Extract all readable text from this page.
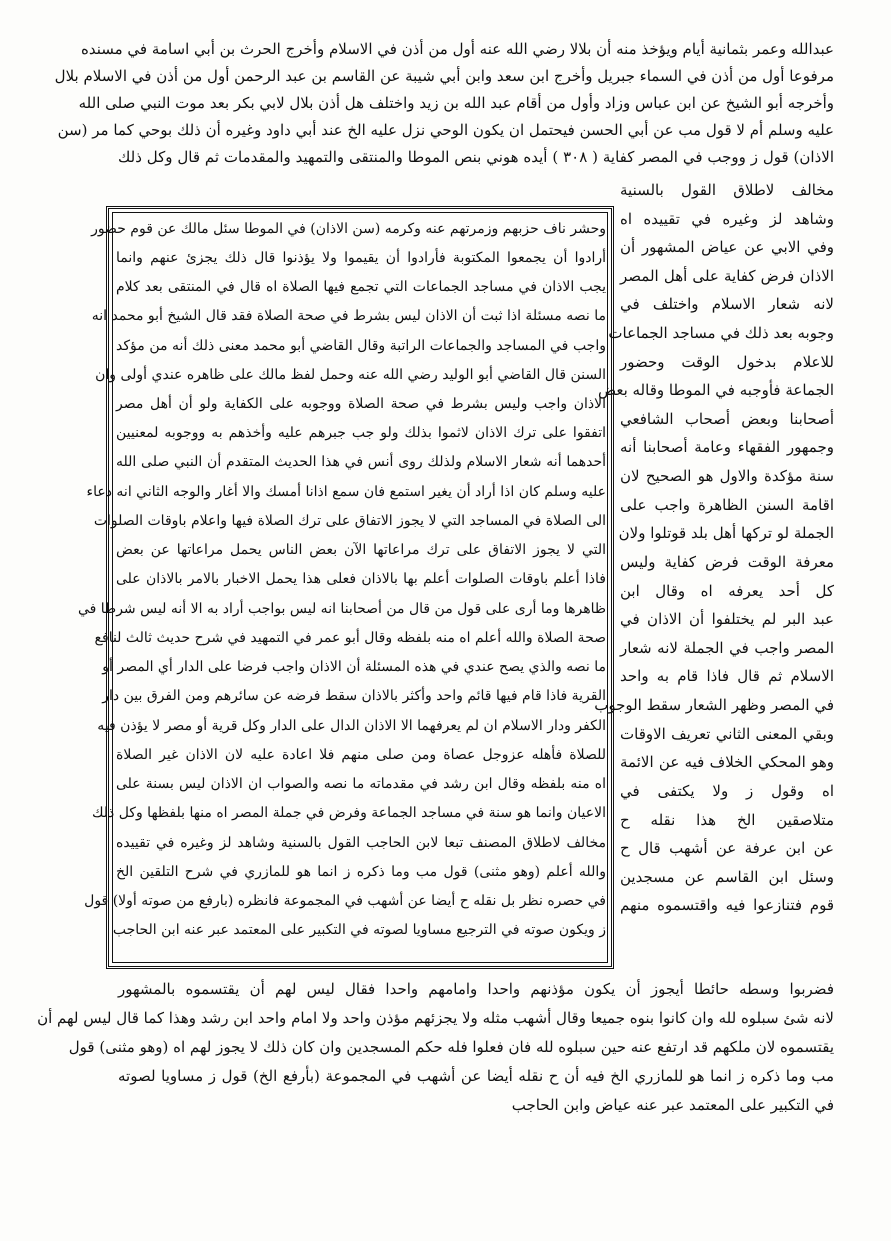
عبدالله وعمر بثمانية أيام ويؤخذ منه أن بلالا رضي الله عنه أول من أذن في الاسلام وأخرج الحرث بن أبي اسامة في مسنده
مرفوعا أول من أذن في السماء جبريل وأخرج ابن سعد وابن أبي شيبة عن القاسم بن عبد الرحمن أول من أذن في الاسلام بلال
وأخرجه أبو الشيخ عن ابن عباس وزاد وأول من أقام عبد الله بن زيد واختلف هل أذن بلال لابي بكر بعد موت النبي صلى الله
عليه وسلم أم لا قول مب عن أبي الحسن فيحتمل ان يكون الوحي نزل عليه الخ عند أبي داود وغيره أن ذلك بوحي كما مر (سن
الاذان) قول ز ووجب في المصر كفاية ( ٣٠٨ ) أيده هوني بنص الموطا والمنتقى والتمهيد والمقدمات ثم قال وكل ذلك
مخالف لاطلاق القول بالسنية
وشاهد لز وغيره في تقييده اه
وفي الابي عن عياض المشهور أن
الاذان فرض كفاية على أهل المصر
لانه شعار الاسلام واختلف في
وجوبه بعد ذلك في مساجد الجماعات
للاعلام بدخول الوقت وحضور
الجماعة فأوجبه في الموطا وقاله بعض
أصحابنا وبعض أصحاب الشافعي
وجمهور الفقهاء وعامة أصحابنا أنه
سنة مؤكدة والاول هو الصحيح لان
اقامة السنن الظاهرة واجب على
الجملة لو تركها أهل بلد قوتلوا ولان
معرفة الوقت فرض كفاية وليس
كل أحد يعرفه اه وقال ابن
عبد البر لم يختلفوا أن الاذان في
المصر واجب في الجملة لانه شعار
الاسلام ثم قال فاذا قام به واحد
في المصر وظهر الشعار سقط الوجوب
وبقي المعنى الثاني تعريف الاوقات
وهو المحكي الخلاف فيه عن الائمة
اه وقول ز ولا يكتفى في
متلاصقين الخ هذا نقله ح
عن ابن عرفة عن أشهب قال ح
وسئل ابن القاسم عن مسجدين
قوم فتنازعوا فيه واقتسموه منهم
وحشر ناف حزبهم وزمرتهم عنه وكرمه (سن الاذان) في الموطا سئل مالك عن قوم حضور
أرادوا أن يجمعوا المكتوبة فأرادوا أن يقيموا ولا يؤذنوا قال ذلك يجزئ عنهم وانما
يجب الاذان في مساجد الجماعات التي تجمع فيها الصلاة اه قال في المنتقى بعد كلام
ما نصه مسئلة اذا ثبت أن الاذان ليس بشرط في صحة الصلاة فقد قال الشيخ أبو محمد انه
واجب في المساجد والجماعات الراتبة وقال القاضي أبو محمد معنى ذلك أنه من مؤكد
السنن قال القاضي أبو الوليد رضي الله عنه وحمل لفظ مالك على ظاهره عندي أولى وان
الاذان واجب وليس بشرط في صحة الصلاة ووجوبه على الكفاية ولو أن أهل مصر
اتفقوا على ترك الاذان لاثموا بذلك ولو جب جبرهم عليه وأخذهم به ووجوبه لمعنيين
أحدهما أنه شعار الاسلام ولذلك روى أنس في هذا الحديث المتقدم أن النبي صلى الله
عليه وسلم كان اذا أراد أن يغير استمع فان سمع اذانا أمسك والا أغار والوجه الثاني انه دعاء
الى الصلاة في المساجد التي لا يجوز الاتفاق على ترك الصلاة فيها واعلام باوقات الصلوات
التي لا يجوز الاتفاق على ترك مراعاتها الآن بعض الناس يحمل مراعاتها عن بعض
فاذا أعلم باوقات الصلوات أعلم بها بالاذان فعلى هذا يحمل الاخبار بالامر بالاذان على
ظاهرها وما أرى على قول من قال من أصحابنا انه ليس بواجب أراد به الا أنه ليس شرطا في
صحة الصلاة والله أعلم اه منه بلفظه وقال أبو عمر في التمهيد في شرح حديث ثالث لنافع
ما نصه والذي يصح عندي في هذه المسئلة أن الاذان واجب فرضا على الدار أي المصر أو
القرية فاذا قام فيها قائم واحد وأكثر بالاذان سقط فرضه عن سائرهم ومن الفرق بين دار
الكفر ودار الاسلام ان لم يعرفهما الا الاذان الدال على الدار وكل قرية أو مصر لا يؤذن فيه
للصلاة فأهله عزوجل عصاة ومن صلى منهم فلا اعادة عليه لان الاذان غير الصلاة
اه منه بلفظه وقال ابن رشد في مقدماته ما نصه والصواب ان الاذان ليس بسنة على
الاعيان وانما هو سنة في مساجد الجماعة وفرض في جملة المصر اه منها بلفظها وكل ذلك
مخالف لاطلاق المصنف تبعا لابن الحاجب القول بالسنية وشاهد لز وغيره في تقييده
والله أعلم (وهو مثنى) قول مب وما ذكره ز انما هو للمازري في شرح التلقين الخ
في حصره نظر بل نقله ح أيضا عن أشهب في المجموعة فانظره (بارفع من صوته أولا) قول
ز ويكون صوته في الترجيع مساويا لصوته في التكبير على المعتمد عبر عنه ابن الحاجب
فضربوا وسطه حائطا أيجوز أن يكون مؤذنهم واحدا وامامهم واحدا فقال ليس لهم أن يقتسموه بالمشهور
لانه شئ سبلوه لله وان كانوا بنوه جميعا وقال أشهب مثله ولا يجزئهم مؤذن واحد ولا امام واحد ابن رشد وهذا كما قال ليس لهم أن
يقتسموه لان ملكهم قد ارتفع عنه حين سبلوه لله فان فعلوا فله حكم المسجدين وان كان ذلك لا يجوز لهم اه (وهو مثنى) قول
مب وما ذكره ز انما هو للمازري الخ فيه أن ح نقله أيضا عن أشهب في المجموعة (بأرفع الخ) قول ز مساويا لصوته
في التكبير على المعتمد عبر عنه عياض وابن الحاجب
